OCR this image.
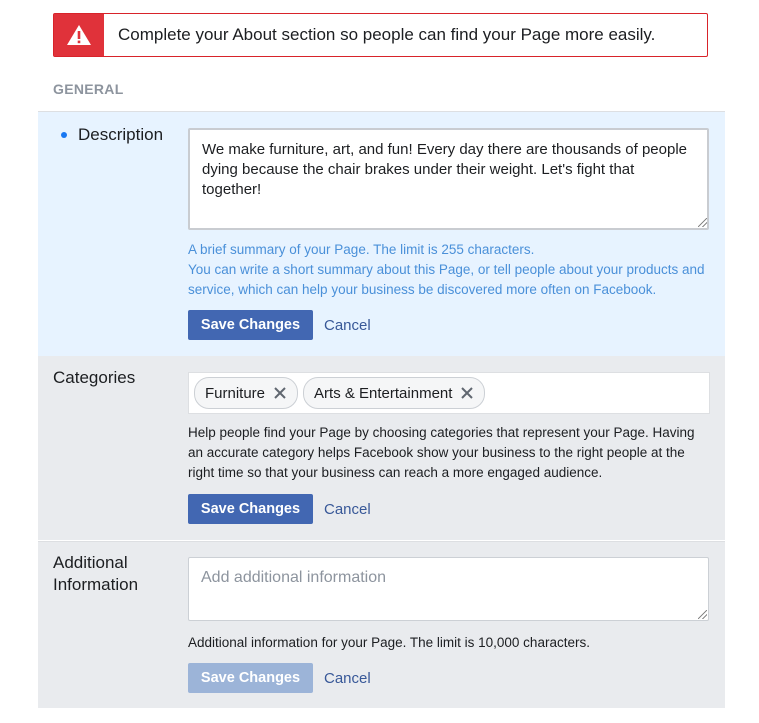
Complete your About section so people can find your Page more easily.
GENERAL
Description
We make furniture, art, and fun! Every day there are thousands of people dying because the chair brakes under their weight. Let's fight that together!
A brief summary of your Page. The limit is 255 characters.
You can write a short summary about this Page, or tell people about your products and service, which can help your business be discovered more often on Facebook.
Save Changes	Cancel
Categories
Furniture	Arts & Entertainment
Help people find your Page by choosing categories that represent your Page. Having an accurate category helps Facebook show your business to the right people at the right time so that your business can reach a more engaged audience.
Save Changes	Cancel
Additional Information
Add additional information
Additional information for your Page. The limit is 10,000 characters.
Save Changes	Cancel
